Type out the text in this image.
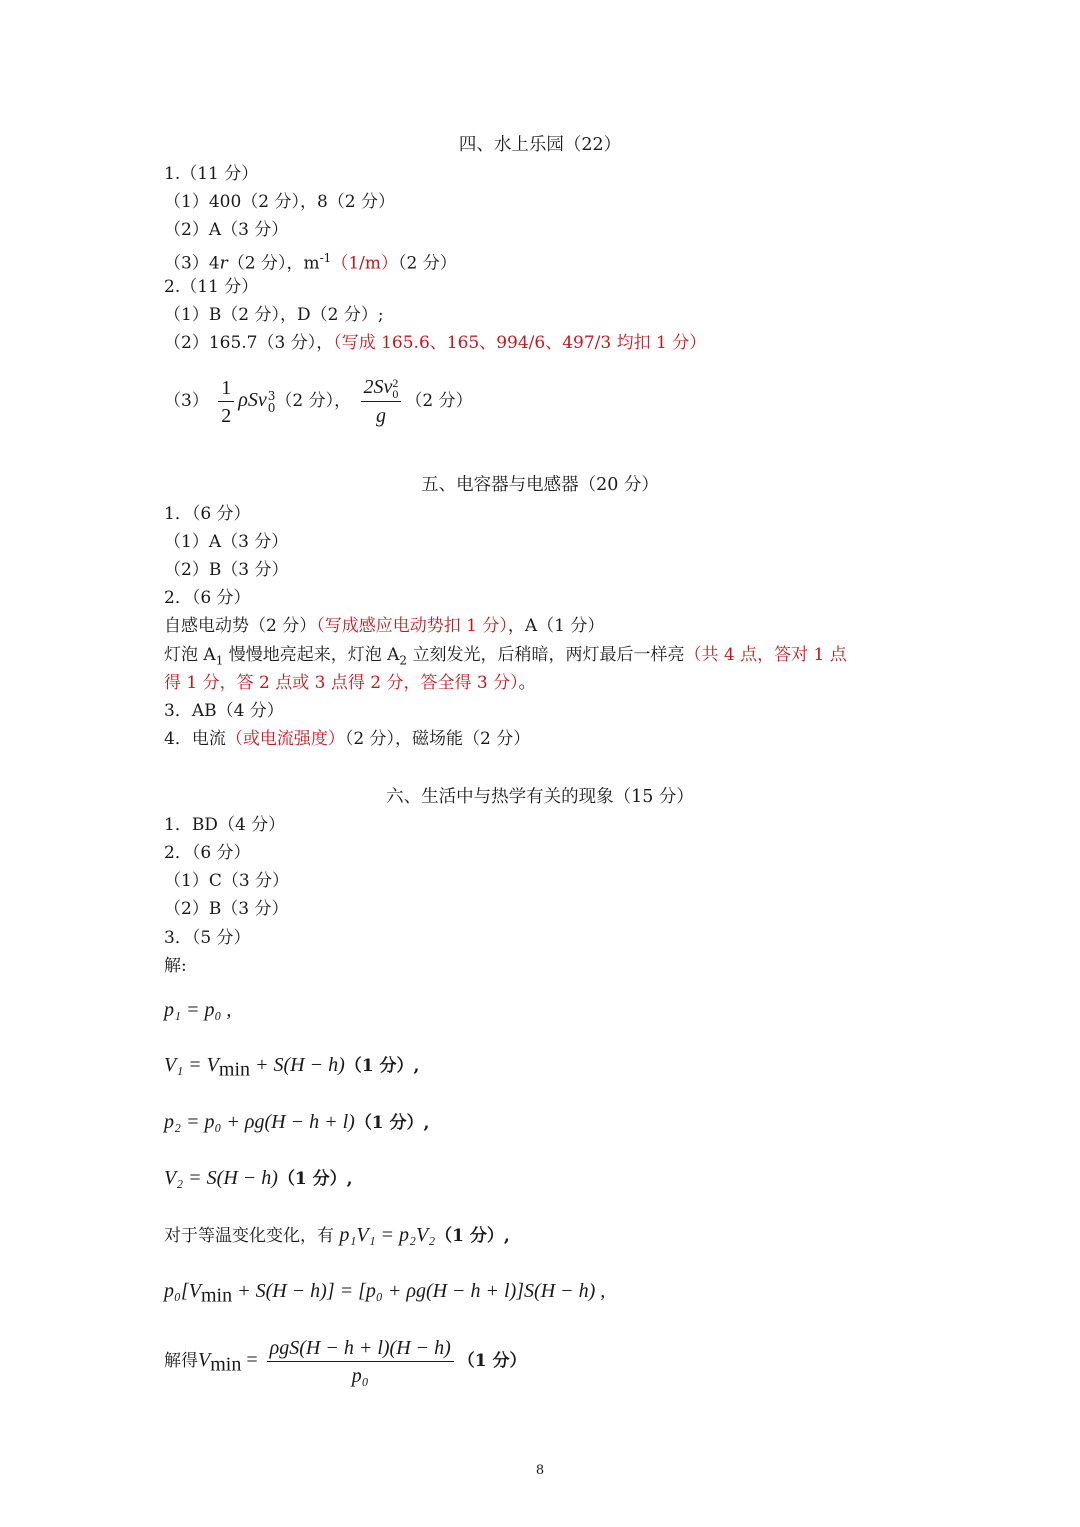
四、水上乐园（22）
1.（11 分）
（1）400（2 分），8（2 分）
（2）A（3 分）
（3）4r（2 分），$m^{-1}(1/m)(2$ 分）
2.（11 分）
（1）B（2 分），D（2 分）;
（2）165.7（3 分），（写成 165.6、165、994/6、497/3 均扣 1 分）
$(3) \frac{1}{2}$ ρSv 3
0 （2 分）， 2Sv 2
0
g （2 分）
五、电容器与电感器（20 分）
1．（6 分）
（1）A（3 分）
（2）B（3 分）
2．（6 分）
自感电动势（2 分）（写成感应电动势扣 1 分），A（1 分）
灯泡 $A_1$ 慢慢地亮起来，灯泡 $A_2$ 立刻发光，后稍暗，两灯最后一样亮（共 4 点，答对 1 点
得 1 分，答 2 点或 3 点得 2 分，答全得 3 分）。
3．AB（4 分）
4．电流（或电流强度）（2 分），磁场能（2 分）
六、生活中与热学有关的现象（15 分）
1．BD（4 分）
2．（6 分）
（1）C（3 分）
（2）B（3 分）
3．（5 分）
解:
p₁ = p₀ ,
$V_1 = V_{min} + S(H - h)(1$ 分）,
p₂ = p₀ + ρg(H − h + l)（1 分）,
V₂ = S(H − h)（1 分）,
对于等温变化变化，有 p₁V₁ = p₂V₂（1 分）,
$p_0[V_{min} + S(H - h)] = [p_0 + \rho g(H - h + l)]S(H - h)$ ,
解得$V_{min} = \frac{\text{ρgS(H − h + l)(H − h)}}{\text{p₀}} (1$ 分）
8
